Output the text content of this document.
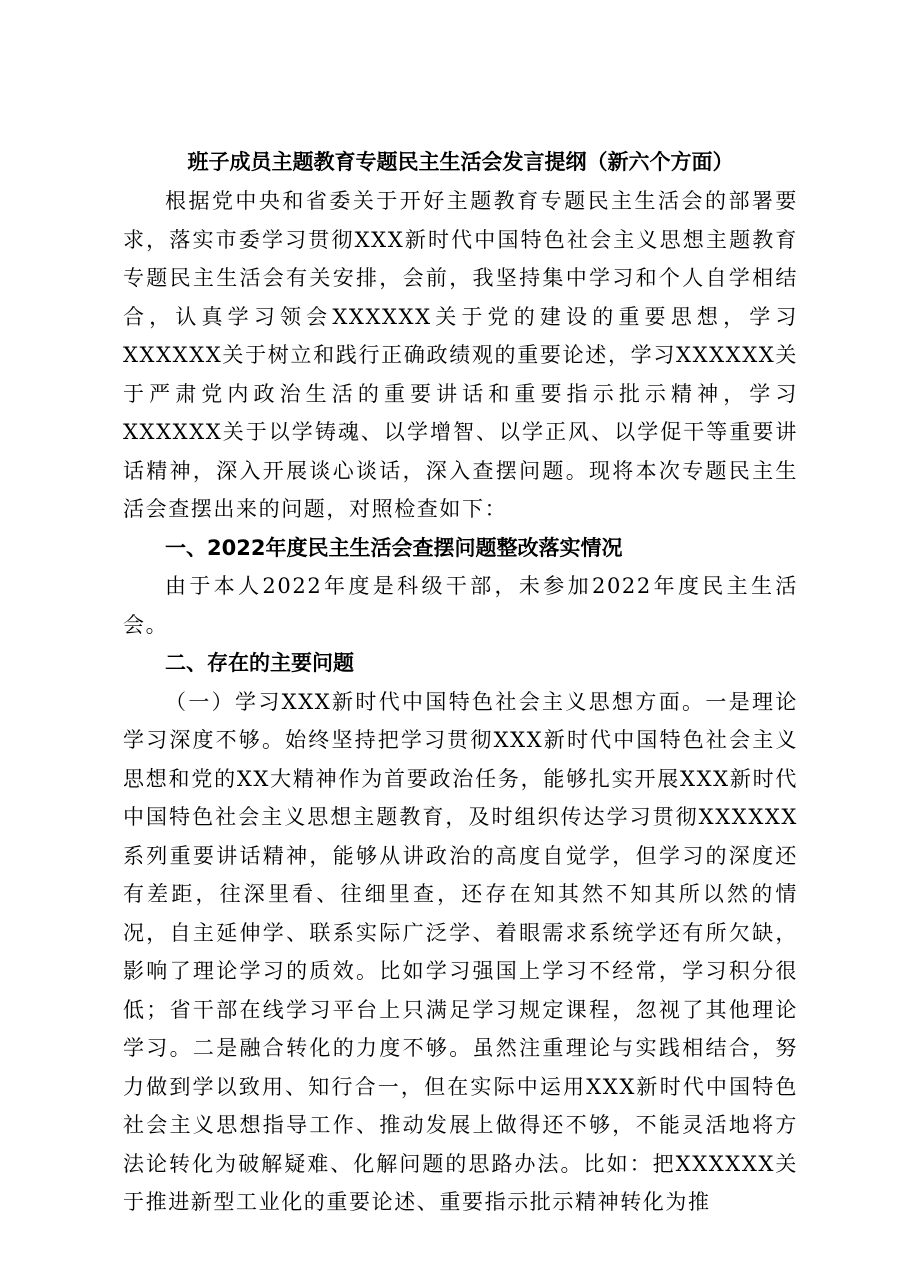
班子成员主题教育专题民主生活会发言提纲（新六个方面）

根据党中央和省委关于开好主题教育专题民主生活会的部署要求，落实市委学习贯彻XXX新时代中国特色社会主义思想主题教育专题民主生活会有关安排，会前，我坚持集中学习和个人自学相结合，认真学习领会XXXXXX关于党的建设的重要思想，学习XXXXXX关于树立和践行正确政绩观的重要论述，学习XXXXXX关于严肃党内政治生活的重要讲话和重要指示批示精神，学习XXXXXX关于以学铸魂、以学增智、以学正风、以学促干等重要讲话精神，深入开展谈心谈话，深入查摆问题。现将本次专题民主生活会查摆出来的问题，对照检查如下：

一、2022年度民主生活会查摆问题整改落实情况

由于本人2022年度是科级干部，未参加2022年度民主生活会。

二、存在的主要问题

（一）学习XXX新时代中国特色社会主义思想方面。一是理论学习深度不够。始终坚持把学习贯彻XXX新时代中国特色社会主义思想和党的XX大精神作为首要政治任务，能够扎实开展XXX新时代中国特色社会主义思想主题教育，及时组织传达学习贯彻XXXXXX系列重要讲话精神，能够从讲政治的高度自觉学，但学习的深度还有差距，往深里看、往细里查，还存在知其然不知其所以然的情况，自主延伸学、联系实际广泛学、着眼需求系统学还有所欠缺，影响了理论学习的质效。比如学习强国上学习不经常，学习积分很低；省干部在线学习平台上只满足学习规定课程，忽视了其他理论学习。二是融合转化的力度不够。虽然注重理论与实践相结合，努力做到学以致用、知行合一，但在实际中运用XXX新时代中国特色社会主义思想指导工作、推动发展上做得还不够，不能灵活地将方法论转化为破解疑难、化解问题的思路办法。比如：把XXXXXX关于推进新型工业化的重要论述、重要指示批示精神转化为推
